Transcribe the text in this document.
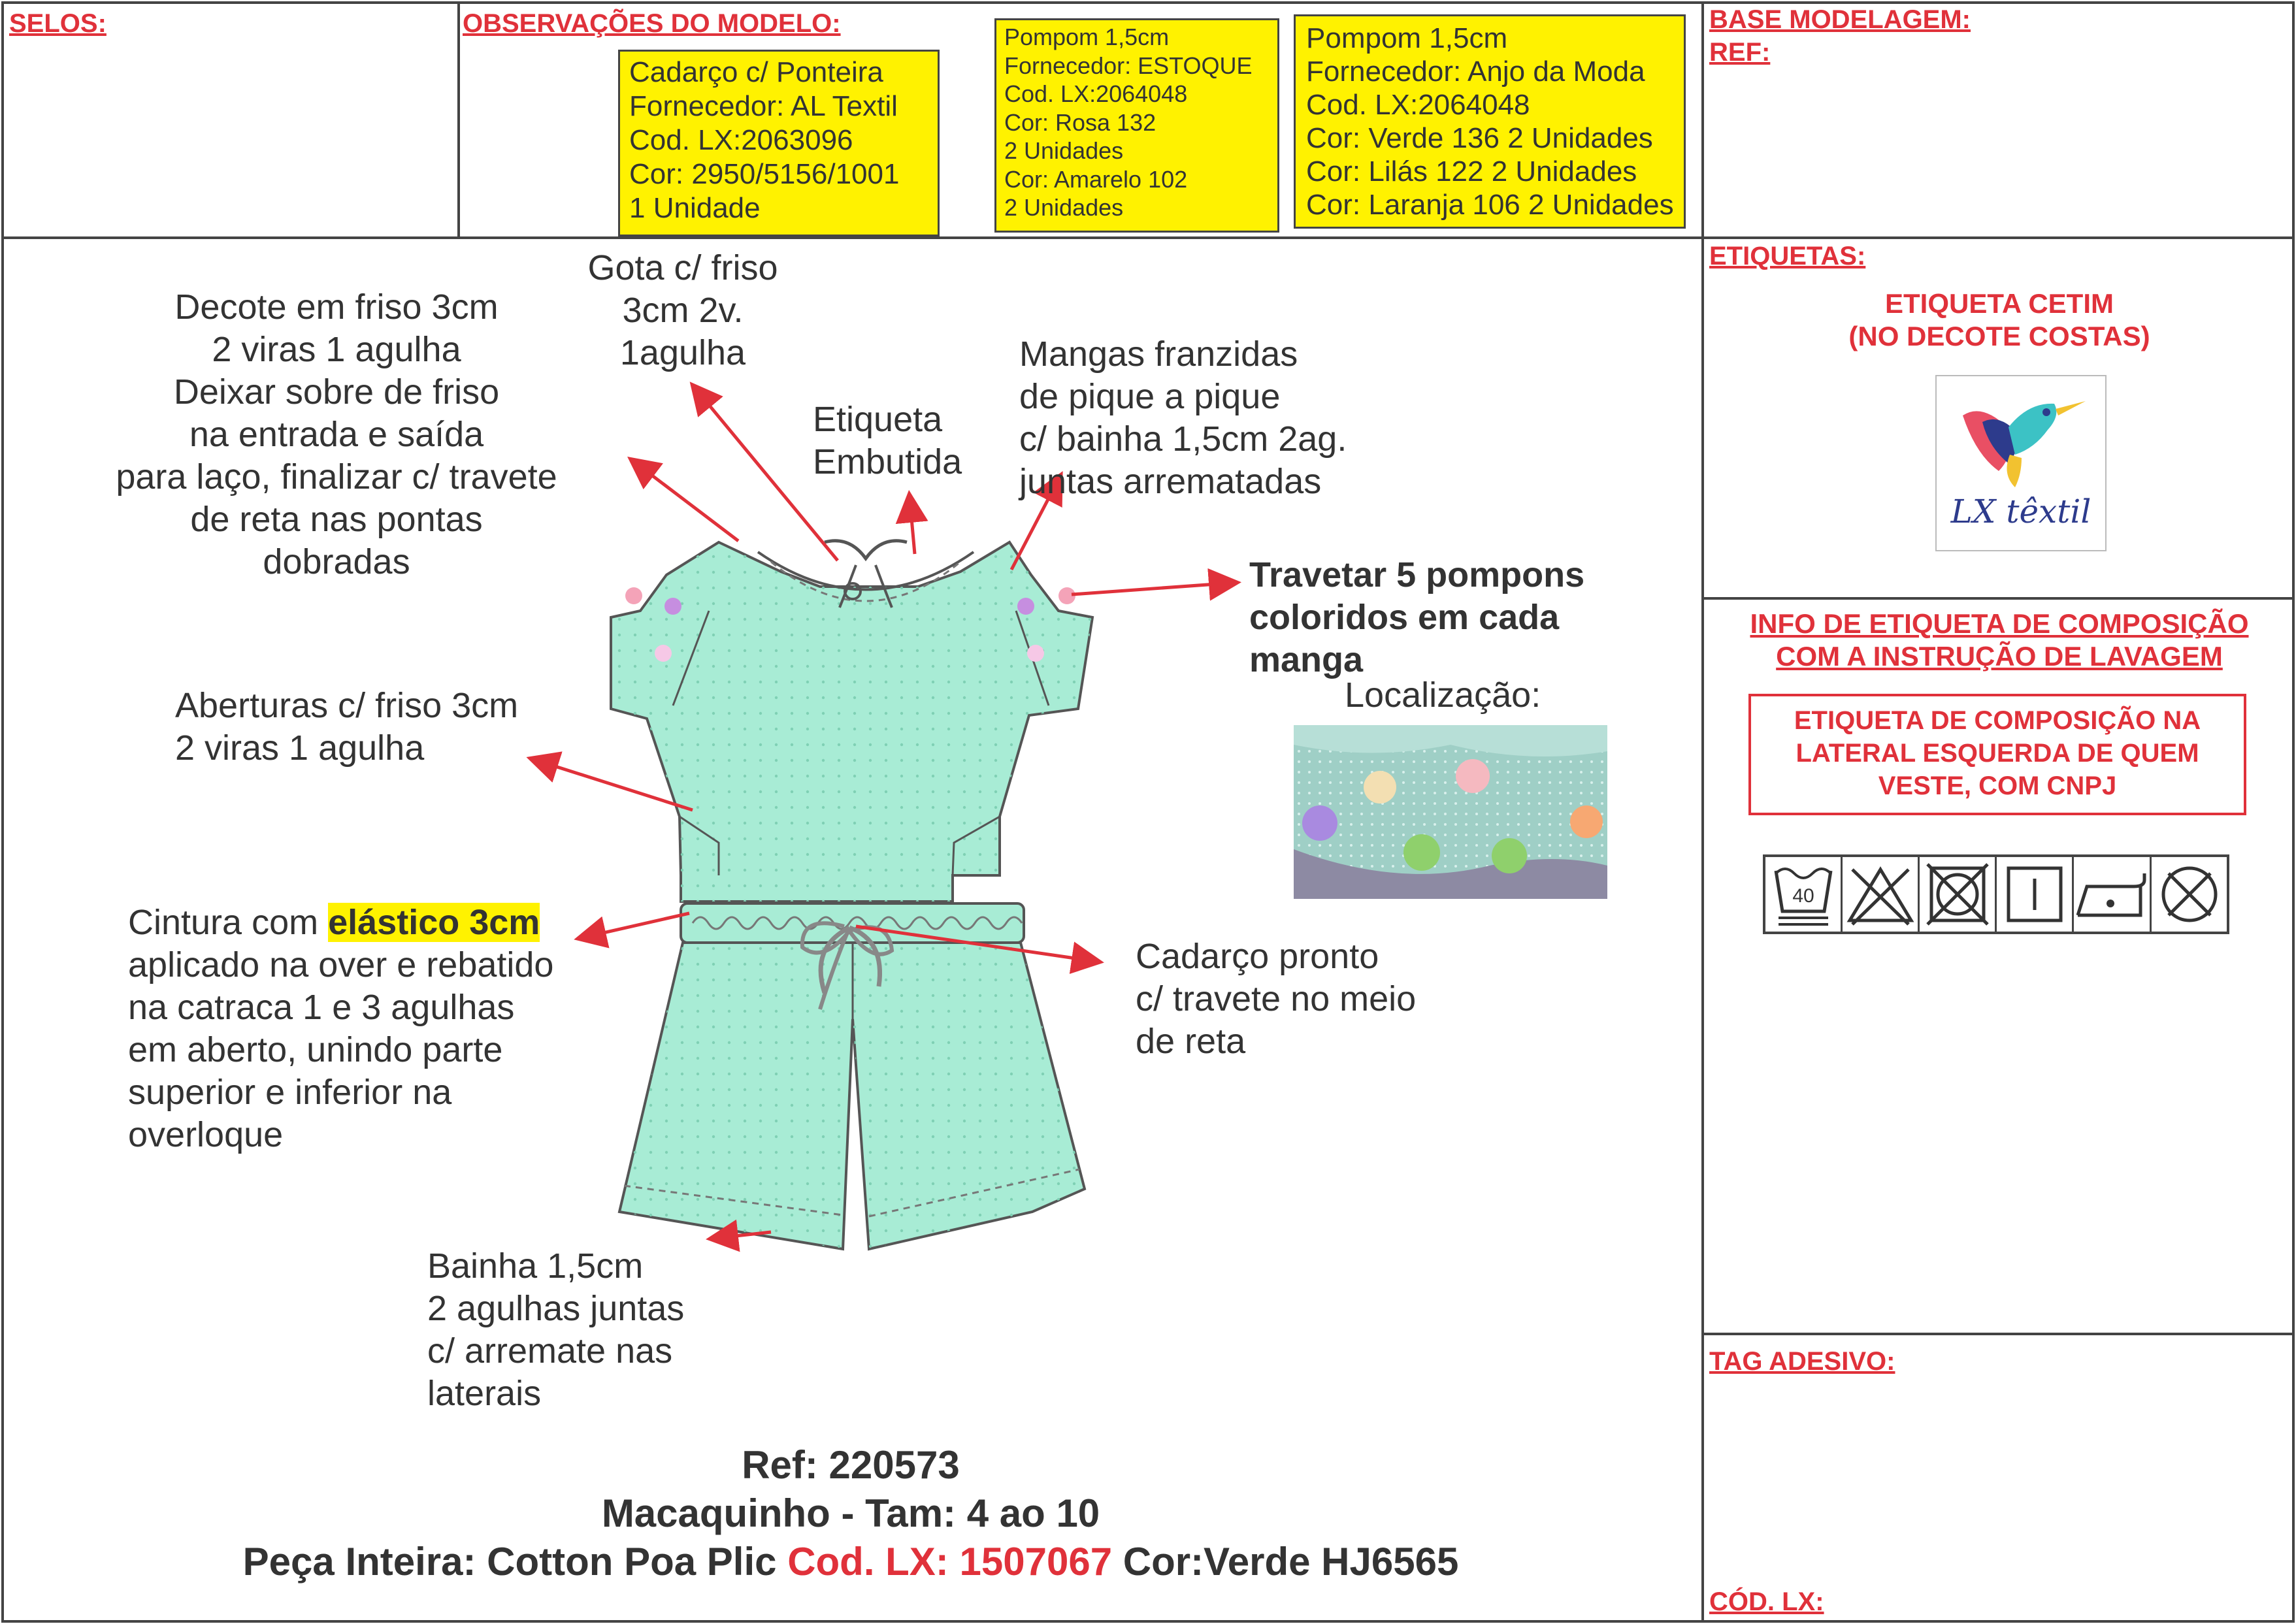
SELOS:	OBSERVAÇÕES DO MODELO:	BASE MODELAGEM:
REF:
Cadarço c/ Ponteira
Fornecedor: AL Textil
Cod. LX:2063096
Cor: 2950/5156/1001
1 Unidade
Pompom 1,5cm
Fornecedor: ESTOQUE
Cod. LX:2064048
Cor: Rosa 132
2 Unidades
Cor: Amarelo 102
2 Unidades
Pompom 1,5cm
Fornecedor: Anjo da Moda
Cod. LX:2064048
Cor: Verde 136 2 Unidades
Cor: Lilás 122 2 Unidades
Cor: Laranja 106 2 Unidades
Decote em friso 3cm
2 viras 1 agulha
Deixar sobre de friso
na entrada e saída
para laço, finalizar c/ travete
de reta nas pontas
dobradas
Gota c/ friso
3cm 2v.
1agulha
Etiqueta
Embutida
Mangas franzidas
de pique a pique
c/ bainha 1,5cm 2ag.
juntas arrematadas
Travetar 5 pompons
coloridos em cada
manga
Localização:
Aberturas c/ friso 3cm
2 viras 1 agulha
Cintura com elástico 3cm
aplicado na over e rebatido
na catraca 1 e 3 agulhas
em aberto, unindo parte
superior e inferior na
overloque
Cadarço pronto
c/ travete no meio
de reta
Bainha 1,5cm
2 agulhas juntas
c/ arremate nas
laterais
Ref: 220573
Macaquinho - Tam: 4 ao 10
Peça Inteira: Cotton Poa Plic Cod. LX: 1507067 Cor:Verde HJ6565
ETIQUETAS:
ETIQUETA CETIM
(NO DECOTE COSTAS)
LX têxtil
INFO DE ETIQUETA DE COMPOSIÇÃO
COM A INSTRUÇÃO DE LAVAGEM
ETIQUETA DE COMPOSIÇÃO NA
LATERAL ESQUERDA DE QUEM
VESTE, COM CNPJ
40
TAG ADESIVO:
CÓD. LX:
